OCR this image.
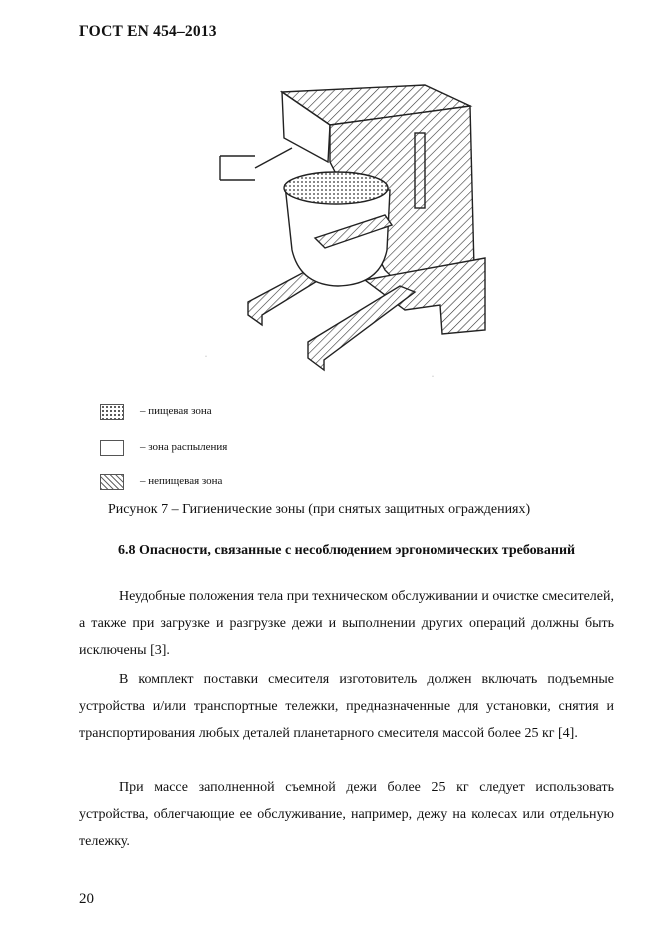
ГОСТ EN 454–2013
·
·
– пищевая зона
– зона распыления
– непищевая зона
Рисунок 7 – Гигиенические зоны (при снятых защитных ограждениях)
6.8 Опасности, связанные с несоблюдением эргономических требований

Неудобные положения тела при техническом обслуживании и очистке смесителей, а также при загрузке и разгрузке дежи и выполнении других операций должны быть исключены [3].

В комплект поставки смесителя изготовитель должен включать подъемные устройства и/или транспортные тележки, предназначенные для установки, снятия и транспортирования любых деталей планетарного смесителя массой более 25 кг [4].

При массе заполненной съемной дежи более 25 кг следует использовать устройства, облегчающие ее обслуживание, например, дежу на колесах или отдельную тележку.

20
